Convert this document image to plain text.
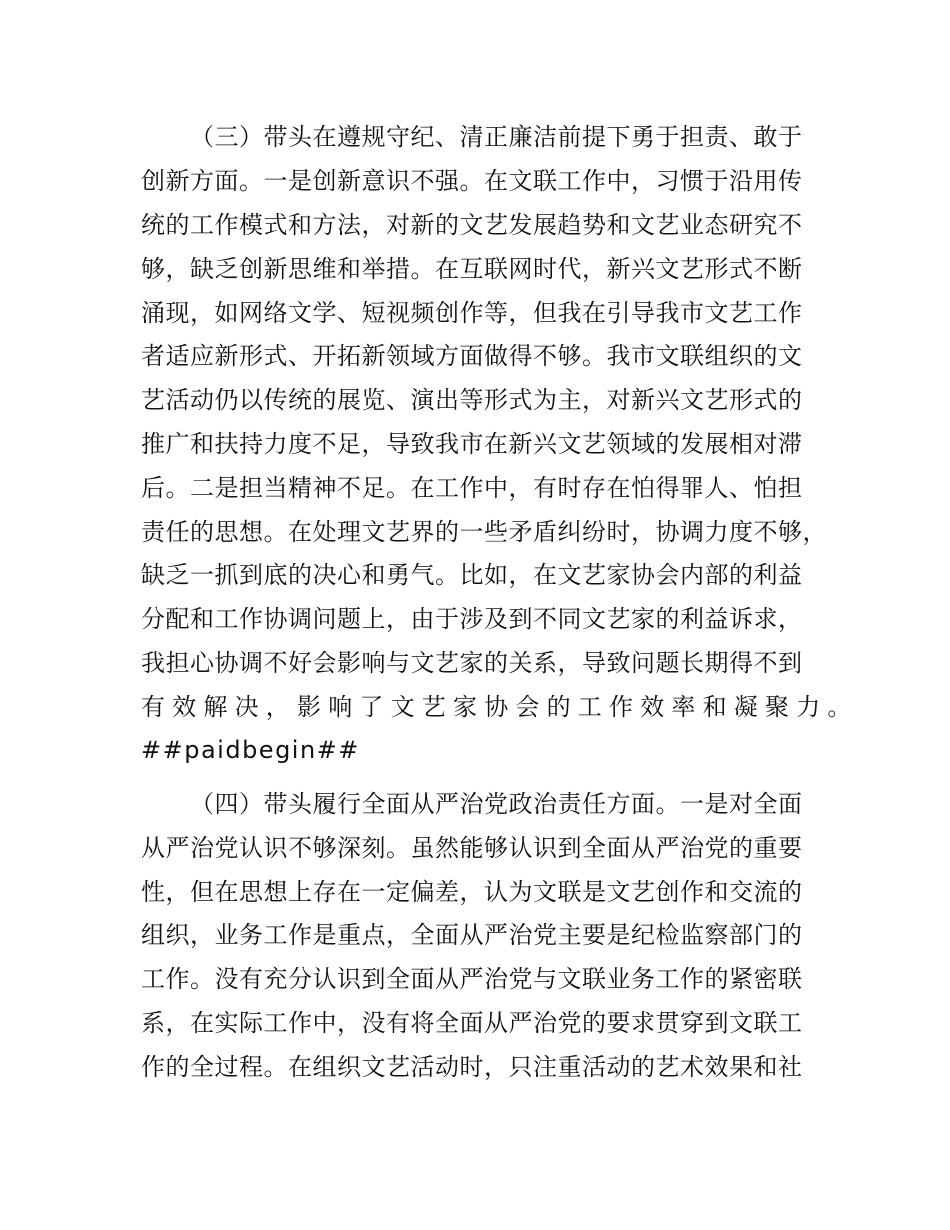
（三）带头在遵规守纪、清正廉洁前提下勇于担责、敢于
创新方面。一是创新意识不强。在文联工作中，习惯于沿用传
统的工作模式和方法，对新的文艺发展趋势和文艺业态研究不
够，缺乏创新思维和举措。在互联网时代，新兴文艺形式不断
涌现，如网络文学、短视频创作等，但我在引导我市文艺工作
者适应新形式、开拓新领域方面做得不够。我市文联组织的文
艺活动仍以传统的展览、演出等形式为主，对新兴文艺形式的
推广和扶持力度不足，导致我市在新兴文艺领域的发展相对滞
后。二是担当精神不足。在工作中，有时存在怕得罪人、怕担
责任的思想。在处理文艺界的一些矛盾纠纷时，协调力度不够，
缺乏一抓到底的决心和勇气。比如，在文艺家协会内部的利益
分配和工作协调问题上，由于涉及到不同文艺家的利益诉求，
我担心协调不好会影响与文艺家的关系，导致问题长期得不到
有效解决，影响了文艺家协会的工作效率和凝聚力。
##paidbegin##
（四）带头履行全面从严治党政治责任方面。一是对全面
从严治党认识不够深刻。虽然能够认识到全面从严治党的重要
性，但在思想上存在一定偏差，认为文联是文艺创作和交流的
组织，业务工作是重点，全面从严治党主要是纪检监察部门的
工作。没有充分认识到全面从严治党与文联业务工作的紧密联
系，在实际工作中，没有将全面从严治党的要求贯穿到文联工
作的全过程。在组织文艺活动时，只注重活动的艺术效果和社
